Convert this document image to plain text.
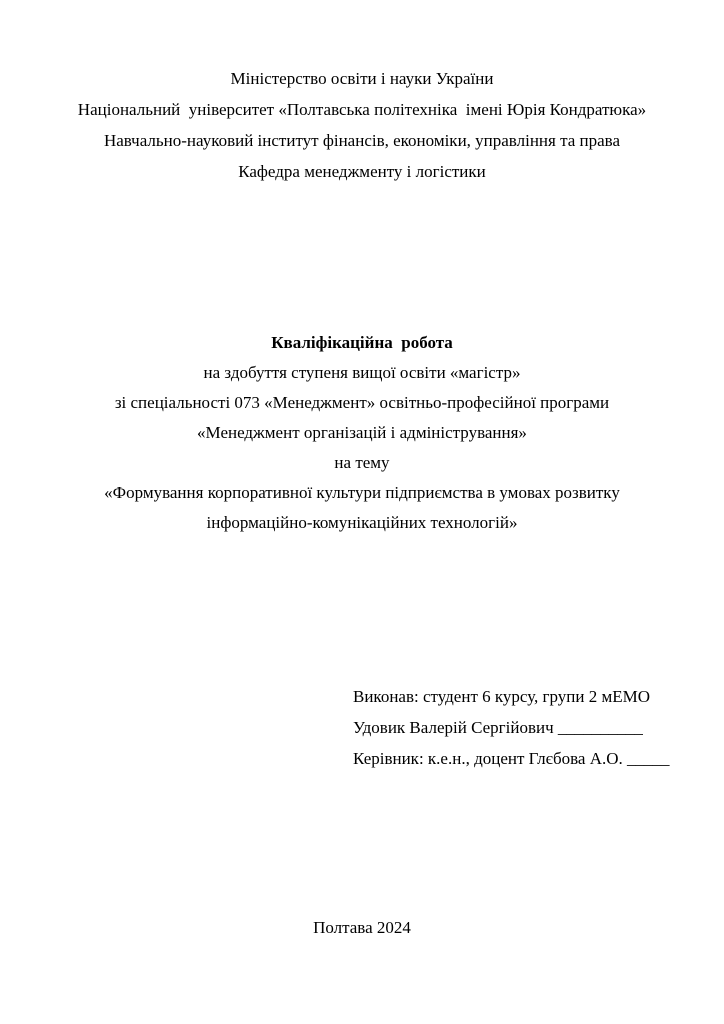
Міністерство освіти і науки України
Національний  університет «Полтавська політехніка  імені Юрія Кондратюка»
Навчально-науковий інститут фінансів, економіки, управління та права
Кафедра менеджменту і логістики
Кваліфікаційна  робота
на здобуття ступеня вищої освіти «магістр»
зі спеціальності 073 «Менеджмент» освітньо-професійної програми
«Менеджмент організацій і адміністрування»
на тему
«Формування корпоративної культури підприємства в умовах розвитку
інформаційно-комунікаційних технологій»
Виконав: студент 6 курсу, групи 2 мЕМО
Удовик Валерій Сергійович __________
Керівник: к.е.н., доцент Глєбова А.О. _____
Полтава 2024
